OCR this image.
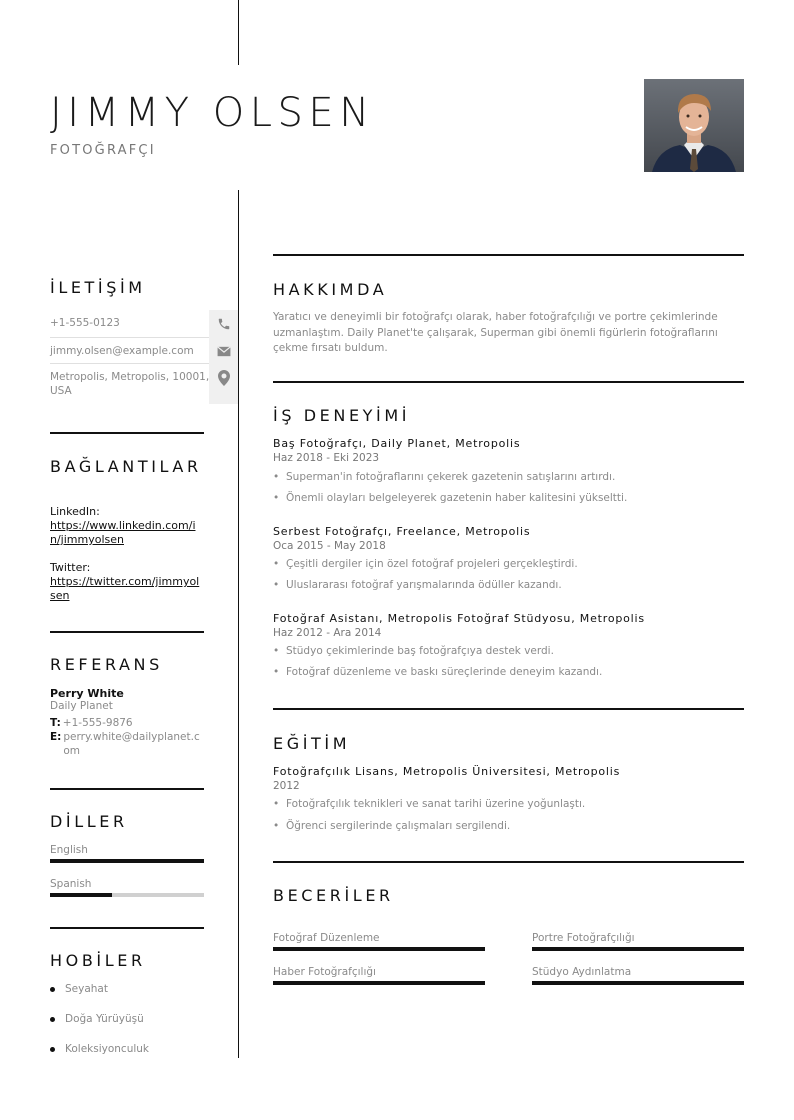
JIMMY OLSEN
FOTOĞRAFÇI
İLETİŞİM
+1-555-0123
jimmy.olsen@example.com
Metropolis, Metropolis, 10001, USA
BAĞLANTILAR
LinkedIn:
https://www.linkedin.com/in/jimmyolsen
Twitter:
https://twitter.com/jimmyolsen
REFERANS
Perry White
Daily Planet
T: +1-555-9876
E: perry.white@dailyplanet.com
DİLLER
English
Spanish
HOBİLER
Seyahat
Doğa Yürüyüşü
Koleksiyonculuk
HAKKIMDA
Yaratıcı ve deneyimli bir fotoğrafçı olarak, haber fotoğrafçılığı ve portre çekimlerinde uzmanlaştım. Daily Planet'te çalışarak, Superman gibi önemli figürlerin fotoğraflarını çekme fırsatı buldum.
İŞ DENEYİMİ
Baş Fotoğrafçı, Daily Planet, Metropolis
Haz 2018 - Eki 2023
• Superman'in fotoğraflarını çekerek gazetenin satışlarını artırdı.
• Önemli olayları belgeleyerek gazetenin haber kalitesini yükseltti.
Serbest Fotoğrafçı, Freelance, Metropolis
Oca 2015 - May 2018
• Çeşitli dergiler için özel fotoğraf projeleri gerçekleştirdi.
• Uluslararası fotoğraf yarışmalarında ödüller kazandı.
Fotoğraf Asistanı, Metropolis Fotoğraf Stüdyosu, Metropolis
Haz 2012 - Ara 2014
• Stüdyo çekimlerinde baş fotoğrafçıya destek verdi.
• Fotoğraf düzenleme ve baskı süreçlerinde deneyim kazandı.
EĞİTİM
Fotoğrafçılık Lisans, Metropolis Üniversitesi, Metropolis
2012
• Fotoğrafçılık teknikleri ve sanat tarihi üzerine yoğunlaştı.
• Öğrenci sergilerinde çalışmaları sergilendi.
BECERİLER
Fotoğraf Düzenleme	Portre Fotoğrafçılığı
Haber Fotoğrafçılığı	Stüdyo Aydınlatma
